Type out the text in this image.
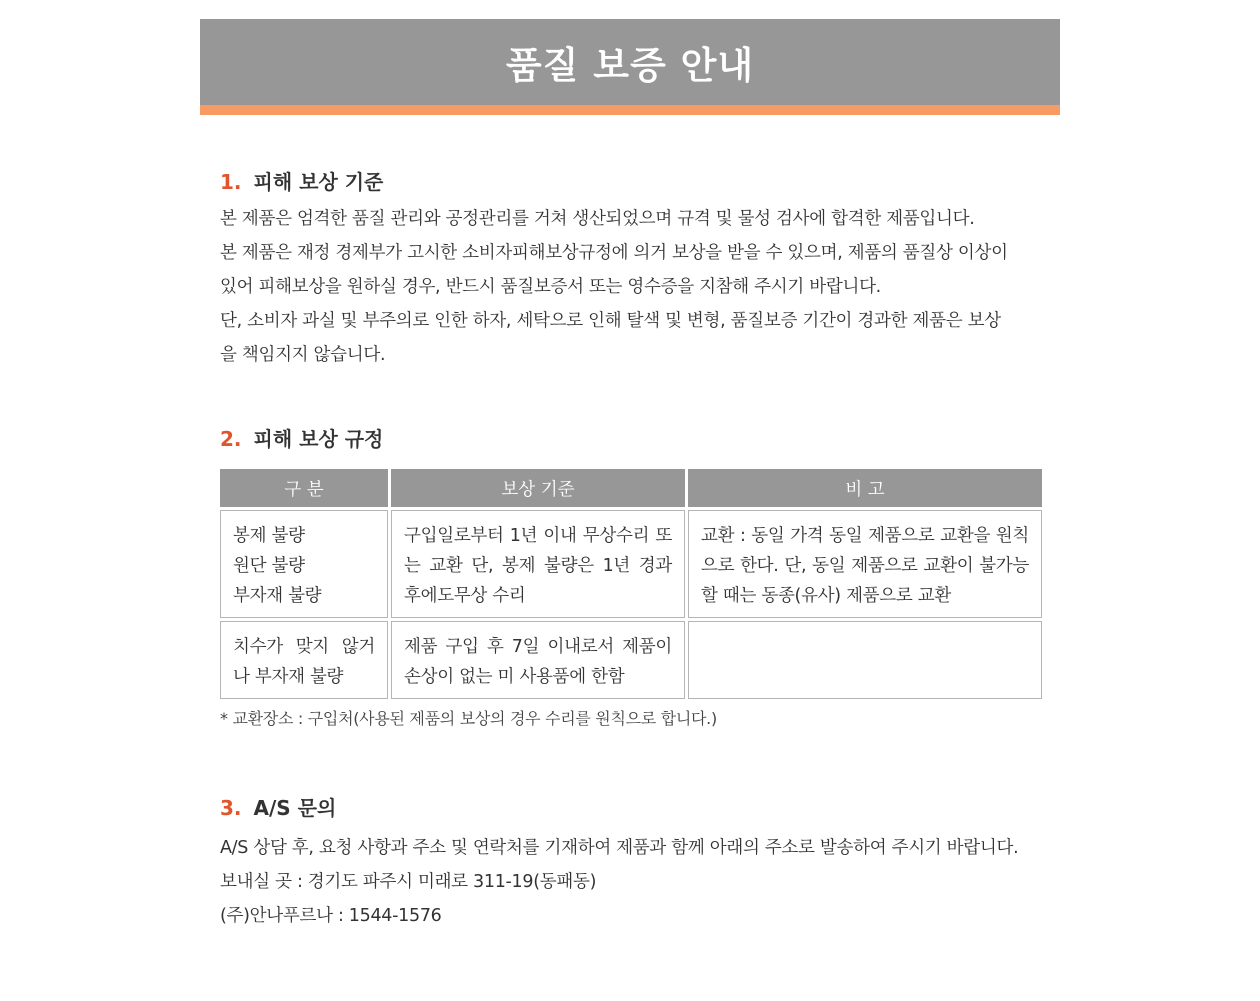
품질 보증 안내
1. 피해 보상 기준

본 제품은 엄격한 품질 관리와 공정관리를 거쳐 생산되었으며 규격 및 물성 검사에 합격한 제품입니다.

본 제품은 재정 경제부가 고시한 소비자피해보상규정에 의거 보상을 받을 수 있으며, 제품의 품질상 이상이

있어 피해보상을 원하실 경우, 반드시 품질보증서 또는 영수증을 지참해 주시기 바랍니다.

단, 소비자 과실 및 부주의로 인한 하자, 세탁으로 인해 탈색 및 변형, 품질보증 기간이 경과한 제품은 보상

을 책임지지 않습니다.

2. 피해 보상 규정
구 분	보상 기준	비 고

봉제 불량
원단 불량
부자재 불량	구입일로부터 1년 이내 무상수리 또는 교환 단, 봉제 불량은 1년 경과 후에도무상 수리	교환 : 동일 가격 동일 제품으로 교환을 원칙으로 한다. 단, 동일 제품으로 교환이 불가능할 때는 동종(유사) 제품으로 교환
치수가 맞지 않거나 부자재 불량	제품 구입 후 7일 이내로서 제품이 손상이 없는 미 사용품에 한함	
* 교환장소 : 구입처(사용된 제품의 보상의 경우 수리를 원칙으로 합니다.)
3. A/S 문의

A/S 상담 후, 요청 사항과 주소 및 연락처를 기재하여 제품과 함께 아래의 주소로 발송하여 주시기 바랍니다.

보내실 곳 : 경기도 파주시 미래로 311-19(동패동)

(주)안나푸르나 : 1544-1576
